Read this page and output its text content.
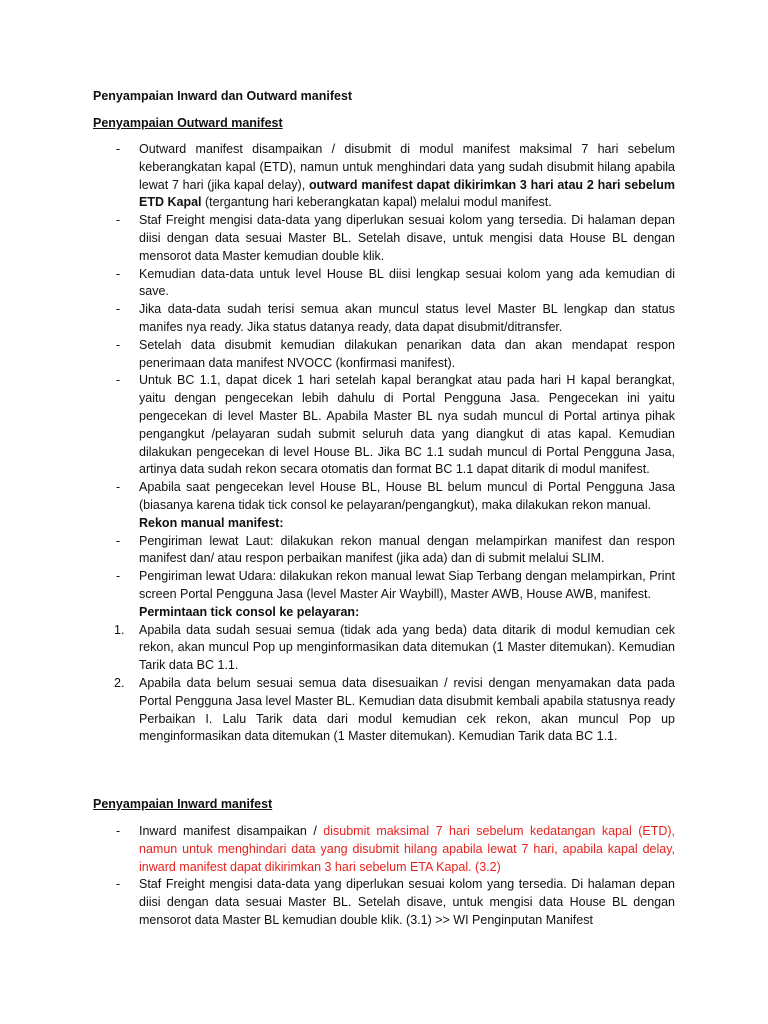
Penyampaian Inward dan Outward manifest
Penyampaian Outward manifest
-	Outward manifest disampaikan / disubmit di modul manifest maksimal 7 hari sebelum keberangkatan kapal (ETD), namun untuk menghindari data yang sudah disubmit hilang apabila lewat 7 hari (jika kapal delay), outward manifest dapat dikirimkan 3 hari atau 2 hari sebelum ETD Kapal (tergantung hari keberangkatan kapal) melalui modul manifest.
-	Staf Freight mengisi data-data yang diperlukan sesuai kolom yang tersedia. Di halaman depan diisi dengan data sesuai Master BL. Setelah disave, untuk mengisi data House BL dengan mensorot data Master kemudian double klik.
-	Kemudian data-data untuk level House BL diisi lengkap sesuai kolom yang ada kemudian di save.
-	Jika data-data sudah terisi semua akan muncul status level Master BL lengkap dan status manifes nya ready. Jika status datanya ready, data dapat disubmit/ditransfer.
-	Setelah data disubmit kemudian dilakukan penarikan data dan akan mendapat respon penerimaan data manifest NVOCC (konfirmasi manifest).
-	Untuk BC 1.1, dapat dicek 1 hari setelah kapal berangkat atau pada hari H kapal berangkat, yaitu dengan pengecekan lebih dahulu di Portal Pengguna Jasa. Pengecekan ini yaitu pengecekan di level Master BL. Apabila Master BL nya sudah muncul di Portal artinya pihak pengangkut /pelayaran sudah submit seluruh data yang diangkut di atas kapal. Kemudian dilakukan pengecekan di level House BL. Jika BC 1.1 sudah muncul di Portal Pengguna Jasa, artinya data sudah rekon secara otomatis dan format BC 1.1 dapat ditarik di modul manifest.
-	Apabila saat pengecekan level House BL, House BL belum muncul di Portal Pengguna Jasa (biasanya karena tidak tick consol ke pelayaran/pengangkut), maka dilakukan rekon manual.
Rekon manual manifest:
-	Pengiriman lewat Laut: dilakukan rekon manual dengan melampirkan manifest dan respon manifest dan/ atau respon perbaikan manifest (jika ada) dan di submit melalui SLIM.
-	Pengiriman lewat Udara: dilakukan rekon manual lewat Siap Terbang dengan melampirkan, Print screen Portal Pengguna Jasa (level Master Air Waybill), Master AWB, House AWB, manifest.
Permintaan tick consol ke pelayaran:
1.	Apabila data sudah sesuai semua (tidak ada yang beda) data ditarik di modul kemudian cek rekon, akan muncul Pop up menginformasikan data ditemukan (1 Master ditemukan). Kemudian Tarik data BC 1.1.
2.	Apabila data belum sesuai semua data disesuaikan / revisi dengan menyamakan data pada Portal Pengguna Jasa level Master BL. Kemudian data disubmit kembali apabila statusnya ready Perbaikan I. Lalu Tarik data dari modul kemudian cek rekon, akan muncul Pop up menginformasikan data ditemukan (1 Master ditemukan). Kemudian Tarik data BC 1.1.
Penyampaian Inward manifest
-	Inward manifest disampaikan / disubmit maksimal 7 hari sebelum kedatangan kapal (ETD), namun untuk menghindari data yang disubmit hilang apabila lewat 7 hari, apabila kapal delay, inward manifest dapat dikirimkan 3 hari sebelum ETA Kapal. (3.2)
-	Staf Freight mengisi data-data yang diperlukan sesuai kolom yang tersedia. Di halaman depan diisi dengan data sesuai Master BL. Setelah disave, untuk mengisi data House BL dengan mensorot data Master BL kemudian double klik. (3.1) >> WI Penginputan Manifest
